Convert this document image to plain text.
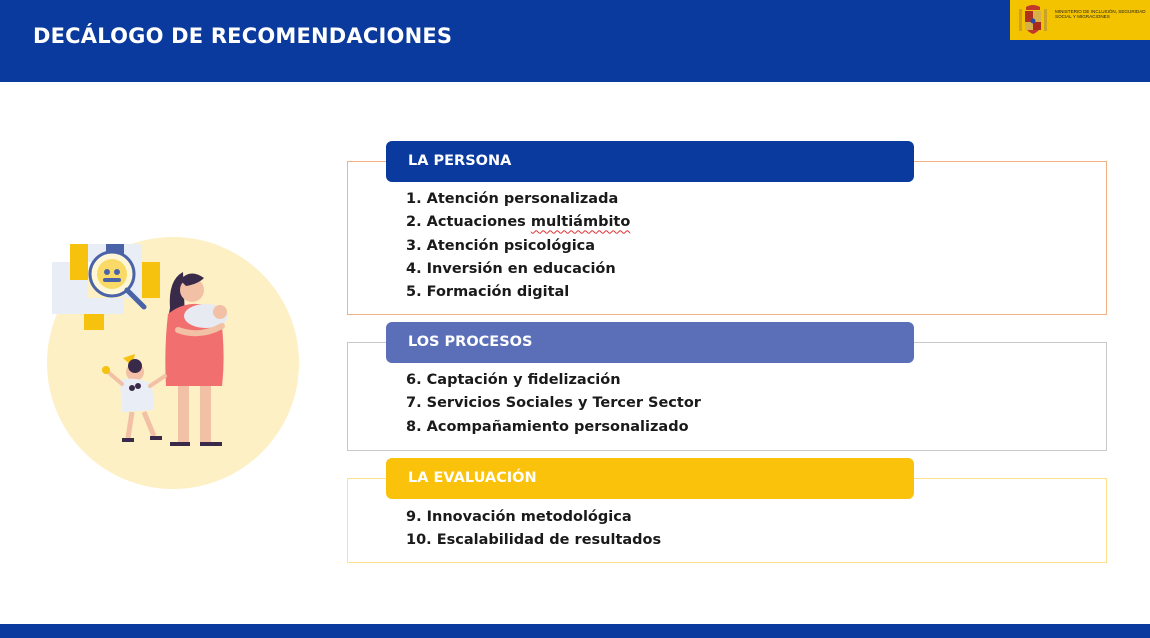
DECÁLOGO DE RECOMENDACIONES
MINISTERIO DE INCLUSIÓN, SEGURIDAD SOCIAL Y MIGRACIONES
LA PERSONA
1. Atención personalizada
2. Actuaciones multiámbito
3. Atención psicológica
4. Inversión en educación
5. Formación digital
LOS PROCESOS
6. Captación y fidelización
7. Servicios Sociales y Tercer Sector
8. Acompañamiento personalizado
LA EVALUACIÓN
9. Innovación metodológica
10. Escalabilidad de resultados
